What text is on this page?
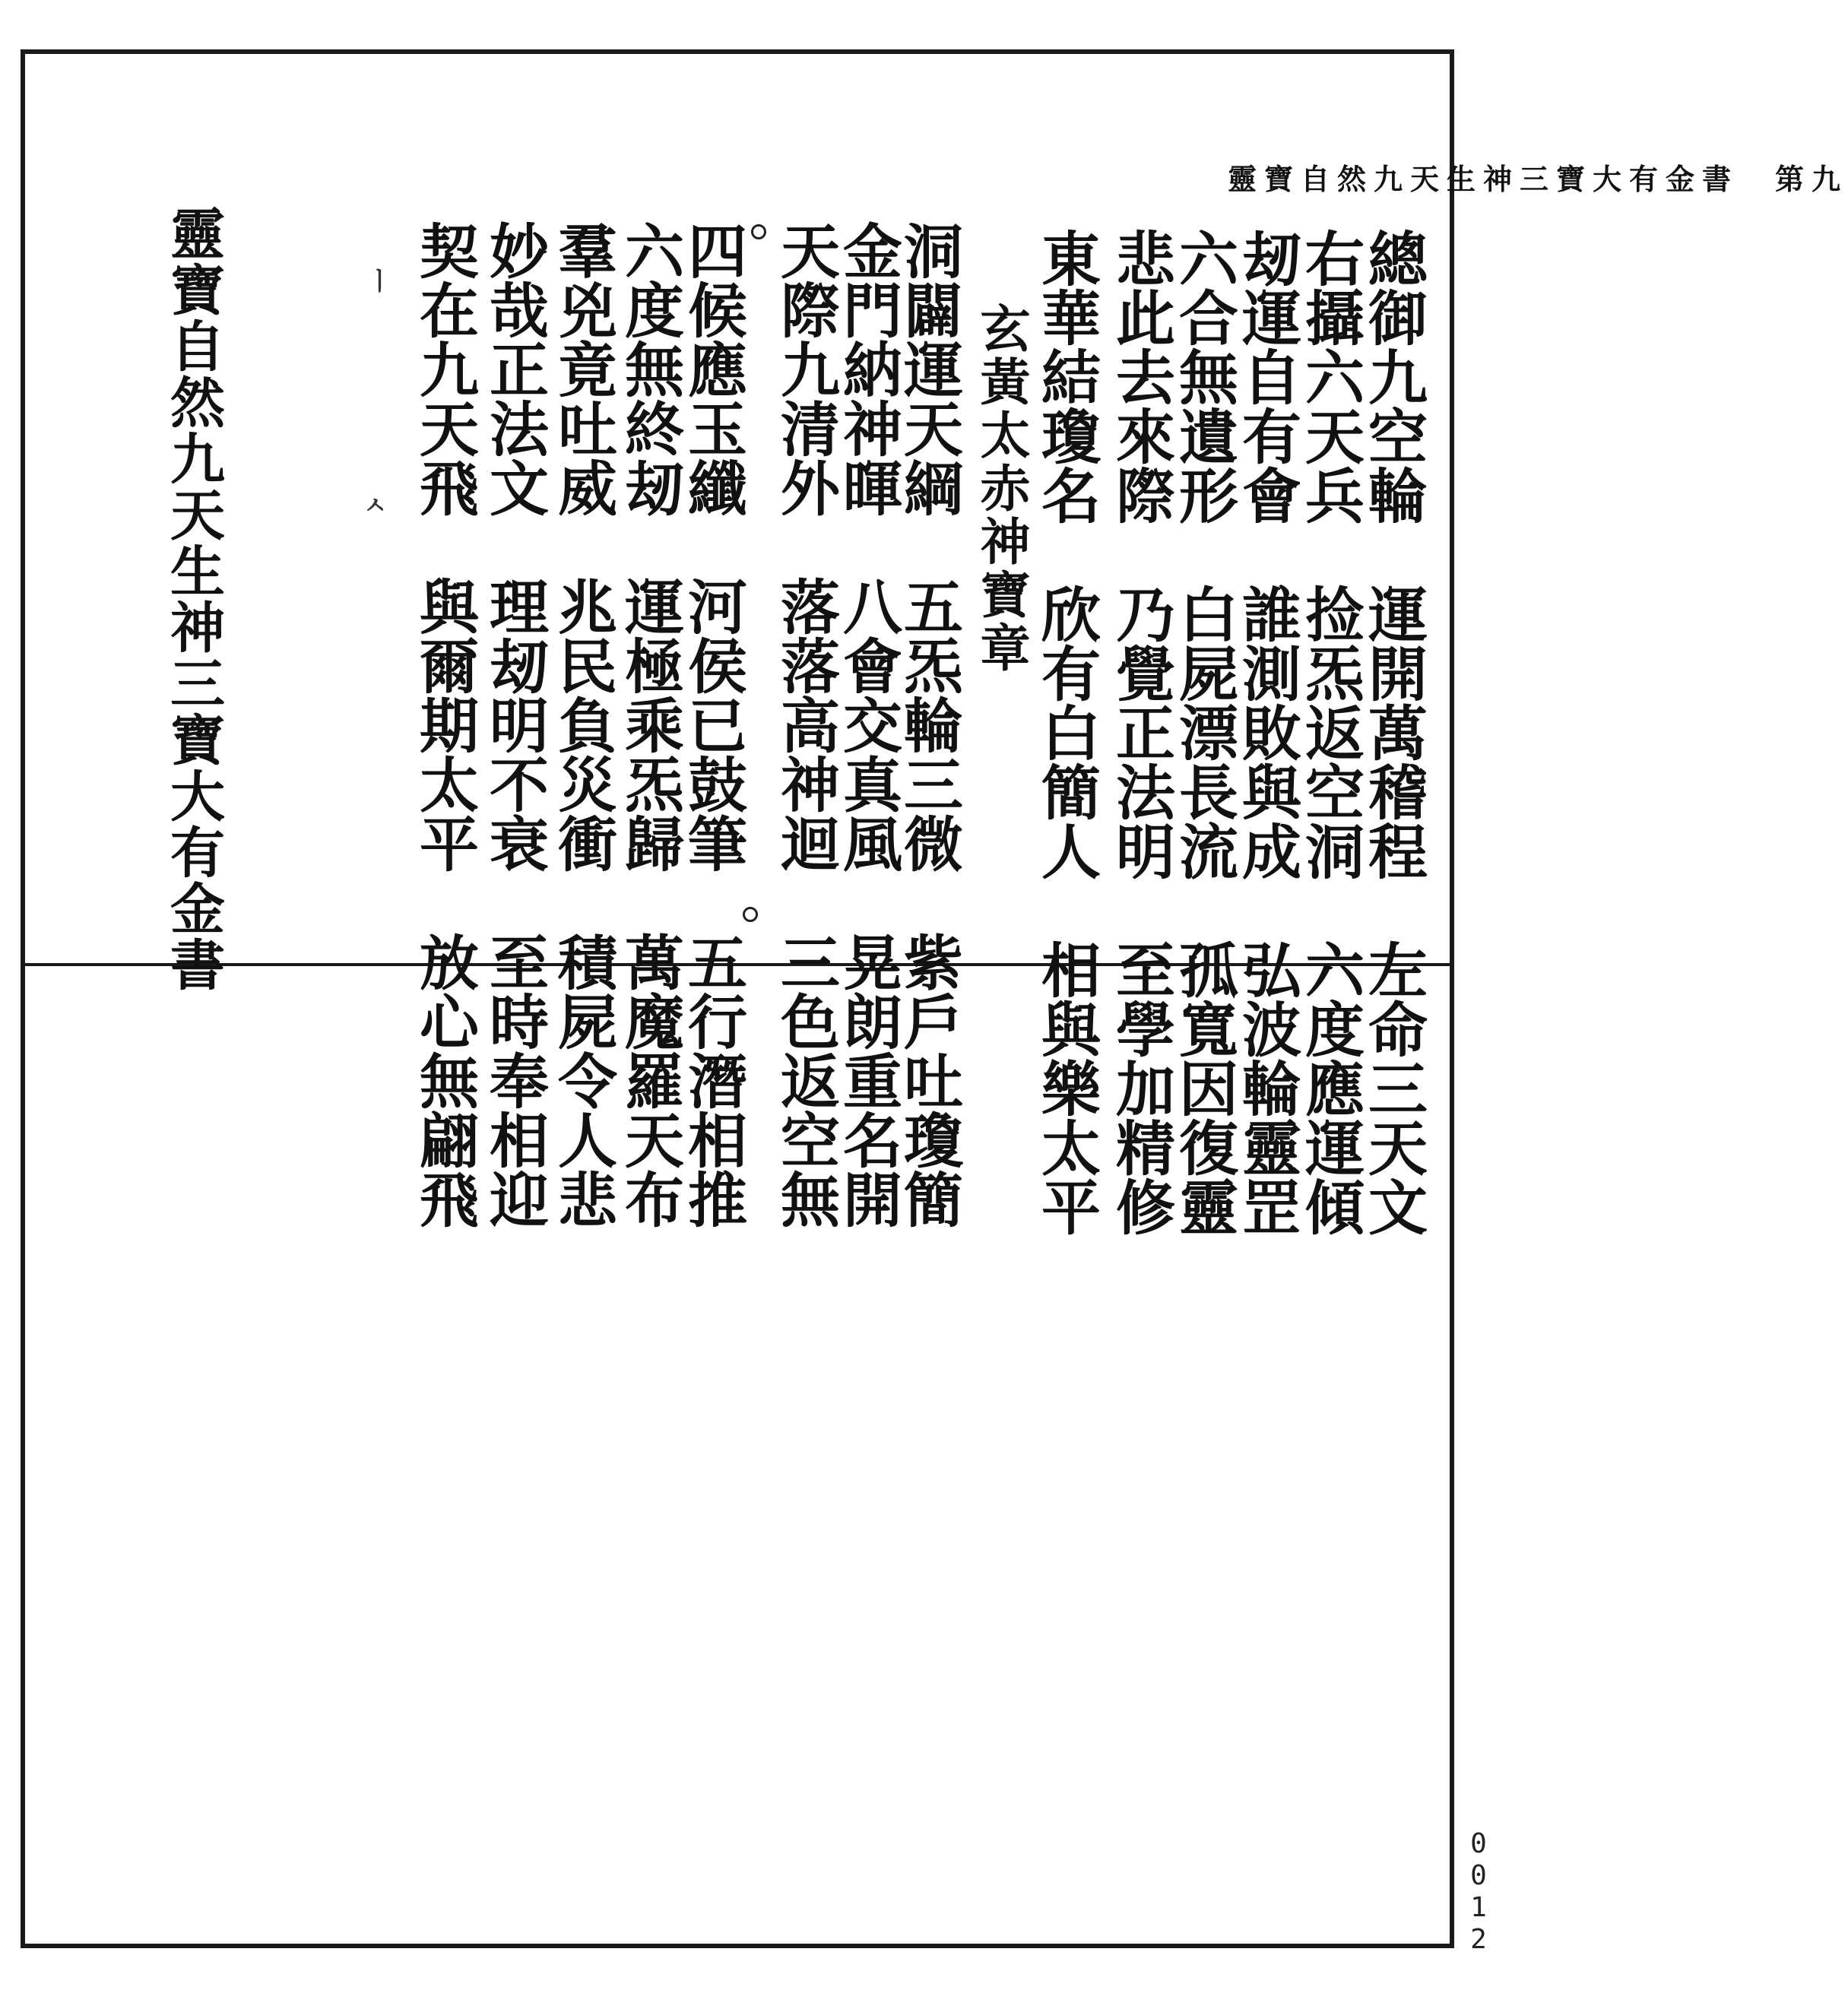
靈寶自然九天生神三寶大有金書　第九
總御九空輪　運開萬稽程　左命三天文
右攝六天兵　捡炁返空洞　六度應運傾
刼運自有會　誰測敗與成　弘波輪靈罡
六合無遺形　白屍漂長流　孤寬因復靈
悲此去來際　乃覺正法明　至學加精修
東華結瓊名　欣有白簡人　相與樂太平
玄黃太赤神寶章
洞闢運天綱　五炁輪三微　紫戶吐瓊簡
金門納神暉　八會交真風　晃朗重名開
天際九清外　落落高神迴　三色返空無
四候應玉纖　河侯已鼓筆　五行潛相推
六度無終刼　運極乘炁歸　萬魔羅天布
羣兇竟吐威　兆民負災衝　積屍令人悲
妙哉正法文　理刼明不衰　至時奉相迎
契在九天飛　與爾期太平　放心無翩飛
ㅣ
ㅅ
靈寶自然九天生神三寶大有金書
0012
